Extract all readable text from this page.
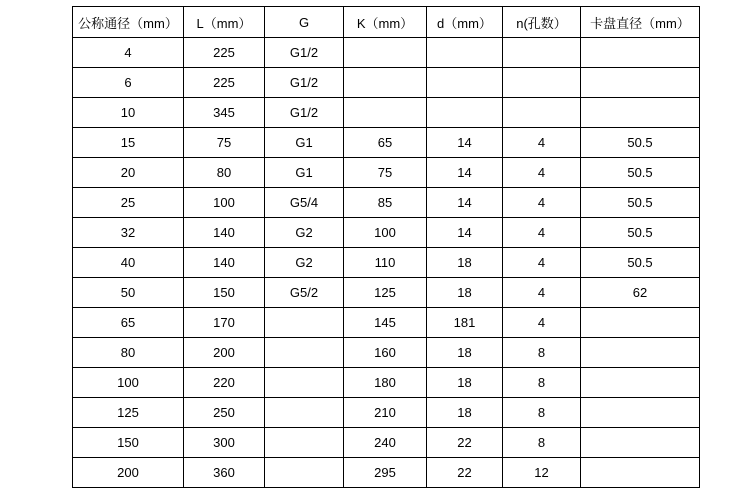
公称通径（mm）	L（mm）	G	K（mm）	d（mm）	n(孔数）	卡盘直径（mm）
4	225	G1/2				
6	225	G1/2				
10	345	G1/2				
15	75	G1	65	14	4	50.5
20	80	G1	75	14	4	50.5
25	100	G5/4	85	14	4	50.5
32	140	G2	100	14	4	50.5
40	140	G2	110	18	4	50.5
50	150	G5/2	125	18	4	62
65	170		145	181	4	
80	200		160	18	8	
100	220		180	18	8	
125	250		210	18	8	
150	300		240	22	8	
200	360		295	22	12	
